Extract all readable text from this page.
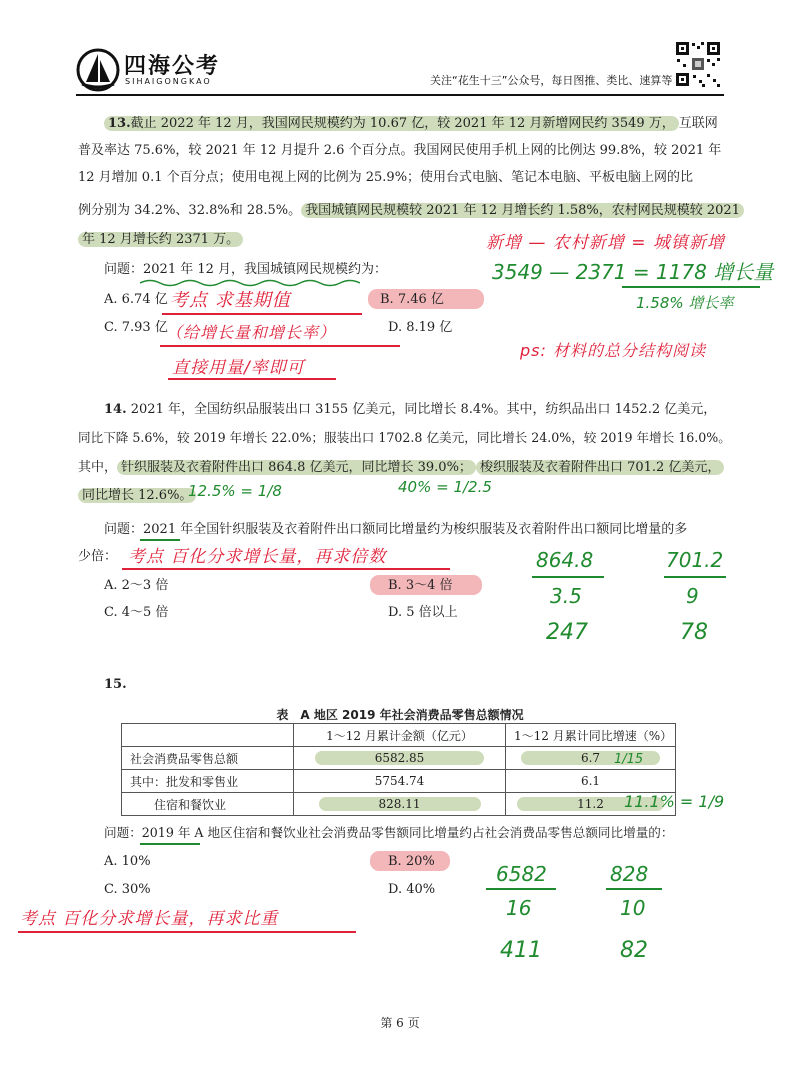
四海公考
SIHAIGONGKAO	关注“花生十三”公众号，每日图推、类比、速算等
13.截止 2022 年 12 月，我国网民规模约为 10.67 亿，较 2021 年 12 月新增网民约 3549 万， 互联网
普及率达 75.6%，较 2021 年 12 月提升 2.6 个百分点。我国网民使用手机上网的比例达 99.8%，较 2021 年
12 月增加 0.1 个百分点；使用电视上网的比例为 25.9%；使用台式电脑、笔记本电脑、平板电脑上网的比
例分别为 34.2%、32.8%和 28.5%。 我国城镇网民规模较 2021 年 12 月增长约 1.58%，农村网民规模较 2021
年 12 月增长约 2371 万。
问题：2021 年 12 月，我国城镇网民规模约为：
A. 6.74 亿	B. 7.46 亿
C. 7.93 亿	D. 8.19 亿
考点 求基期值
（给增长量和增长率）
直接用量/率即可
新增 — 农村新增 = 城镇新增
3549 — 2371 = 1178 增长量
1.58% 增长率
ps: 材料的总分结构阅读
14. 2021 年，全国纺织品服装出口 3155 亿美元，同比增长 8.4%。其中，纺织品出口 1452.2 亿美元，
同比下降 5.6%，较 2019 年增长 22.0%；服装出口 1702.8 亿美元，同比增长 24.0%，较 2019 年增长 16.0%。
其中， 针织服装及衣着附件出口 864.8 亿美元，同比增长 39.0%； 梭织服装及衣着附件出口 701.2 亿美元，
同比增长 12.6%。
12.5% = 1/8	40% = 1/2.5
问题：2021 年全国针织服装及衣着附件出口额同比增量约为梭织服装及衣着附件出口额同比增量的多
少倍： 考点 百化分求增长量，再求倍数
A. 2～3 倍	B. 3～4 倍
C. 4～5 倍	D. 5 倍以上
864.8
3.5
247
701.2
9
78
15.
表　A 地区 2019 年社会消费品零售总额情况
	1～12 月累计金额（亿元）	1～12 月累计同比增速（%）
社会消费品零售总额	6582.85	6.7
其中：批发和零售业	5754.74	6.1
住宿和餐饮业	828.11	11.2
1/15
11.1% = 1/9
问题：2019 年 A 地区住宿和餐饮业社会消费品零售额同比增量约占社会消费品零售总额同比增量的：
A. 10%	B. 20%
C. 30%	D. 40%
考点 百化分求增长量，再求比重
6582
16
411
828
10
82
第 6 页
